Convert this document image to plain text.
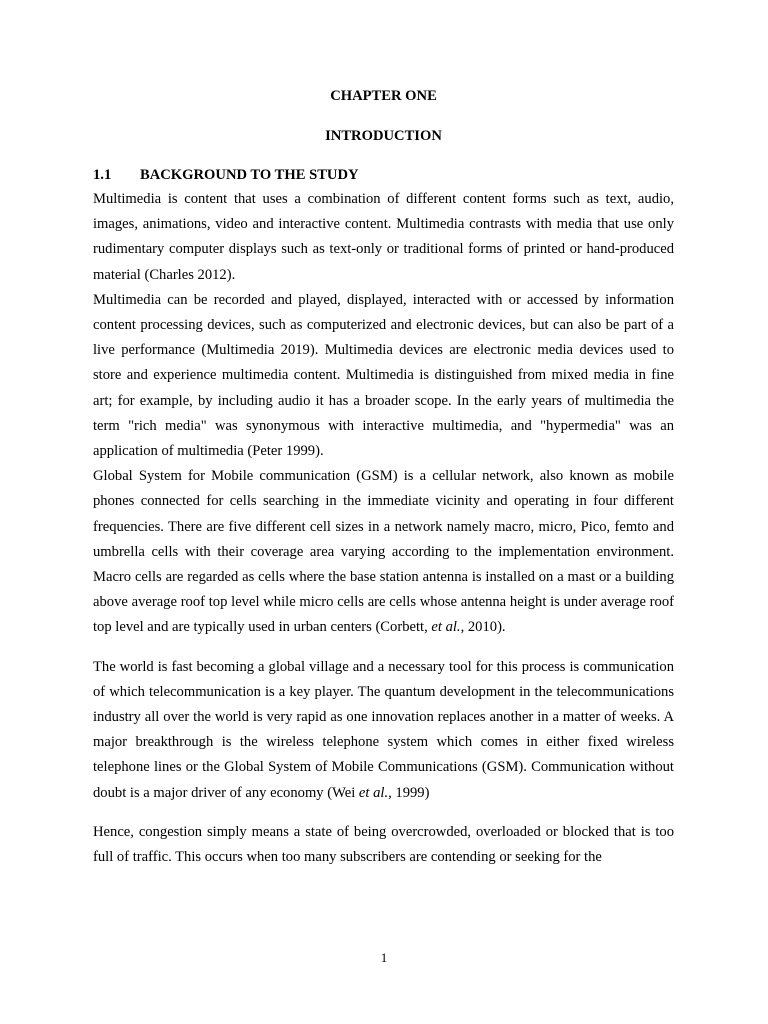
CHAPTER ONE
INTRODUCTION
1.1	BACKGROUND TO THE STUDY

Multimedia is content that uses a combination of different content forms such as text, audio, images, animations, video and interactive content. Multimedia contrasts with media that use only rudimentary computer displays such as text-only or traditional forms of printed or hand-produced material (Charles 2012).

Multimedia can be recorded and played, displayed, interacted with or accessed by information content processing devices, such as computerized and electronic devices, but can also be part of a live performance (Multimedia 2019). Multimedia devices are electronic media devices used to store and experience multimedia content. Multimedia is distinguished from mixed media in fine art; for example, by including audio it has a broader scope. In the early years of multimedia the term "rich media" was synonymous with interactive multimedia, and "hypermedia" was an application of multimedia (Peter 1999).

Global System for Mobile communication (GSM) is a cellular network, also known as mobile phones connected for cells searching in the immediate vicinity and operating in four different frequencies. There are five different cell sizes in a network namely macro, micro, Pico, femto and umbrella cells with their coverage area varying according to the implementation environment. Macro cells are regarded as cells where the base station antenna is installed on a mast or a building above average roof top level while micro cells are cells whose antenna height is under average roof top level and are typically used in urban centers (Corbett, et al., 2010).

The world is fast becoming a global village and a necessary tool for this process is communication of which telecommunication is a key player. The quantum development in the telecommunications industry all over the world is very rapid as one innovation replaces another in a matter of weeks. A major breakthrough is the wireless telephone system which comes in either fixed wireless telephone lines or the Global System of Mobile Communications (GSM). Communication without doubt is a major driver of any economy (Wei et al., 1999)

Hence, congestion simply means a state of being overcrowded, overloaded or blocked that is too full of traffic. This occurs when too many subscribers are contending or seeking for the

1
